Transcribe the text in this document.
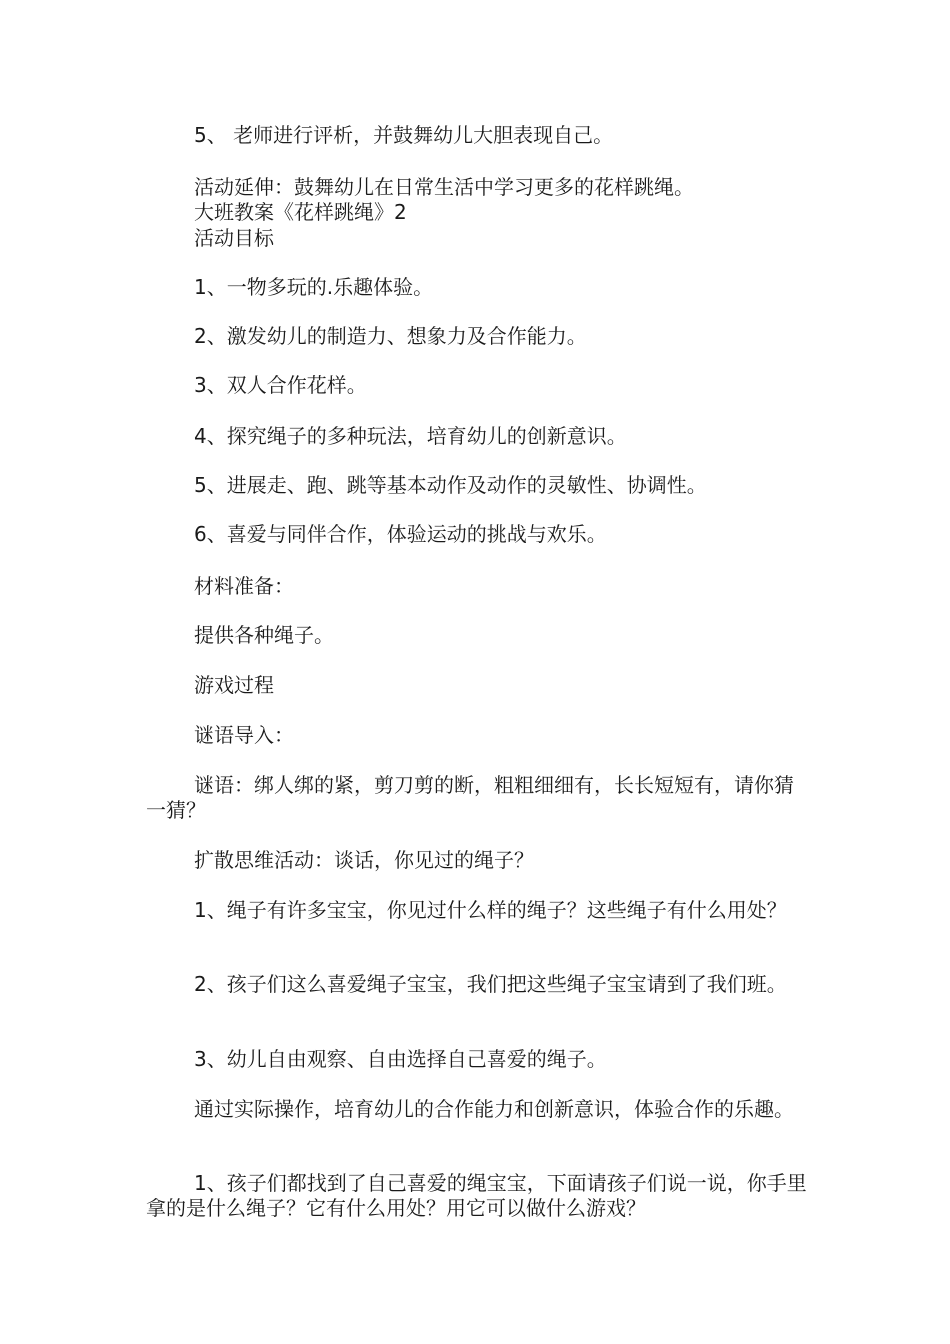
5、 老师进行评析，并鼓舞幼儿大胆表现自己。

活动延伸：鼓舞幼儿在日常生活中学习更多的花样跳绳。

大班教案《花样跳绳》2

活动目标

1、一物多玩的.乐趣体验。

2、激发幼儿的制造力、想象力及合作能力。

3、双人合作花样。

4、探究绳子的多种玩法，培育幼儿的创新意识。

5、进展走、跑、跳等基本动作及动作的灵敏性、协调性。

6、喜爱与同伴合作，体验运动的挑战与欢乐。

材料准备：

提供各种绳子。

游戏过程

谜语导入：

谜语：绑人绑的紧，剪刀剪的断，粗粗细细有，长长短短有，请你猜一猜？

扩散思维活动：谈话，你见过的绳子？

1、绳子有许多宝宝，你见过什么样的绳子？这些绳子有什么用处？

2、孩子们这么喜爱绳子宝宝，我们把这些绳子宝宝请到了我们班。

3、幼儿自由观察、自由选择自己喜爱的绳子。

通过实际操作，培育幼儿的合作能力和创新意识，体验合作的乐趣。

1、孩子们都找到了自己喜爱的绳宝宝，下面请孩子们说一说，你手里拿的是什么绳子？它有什么用处？用它可以做什么游戏？
